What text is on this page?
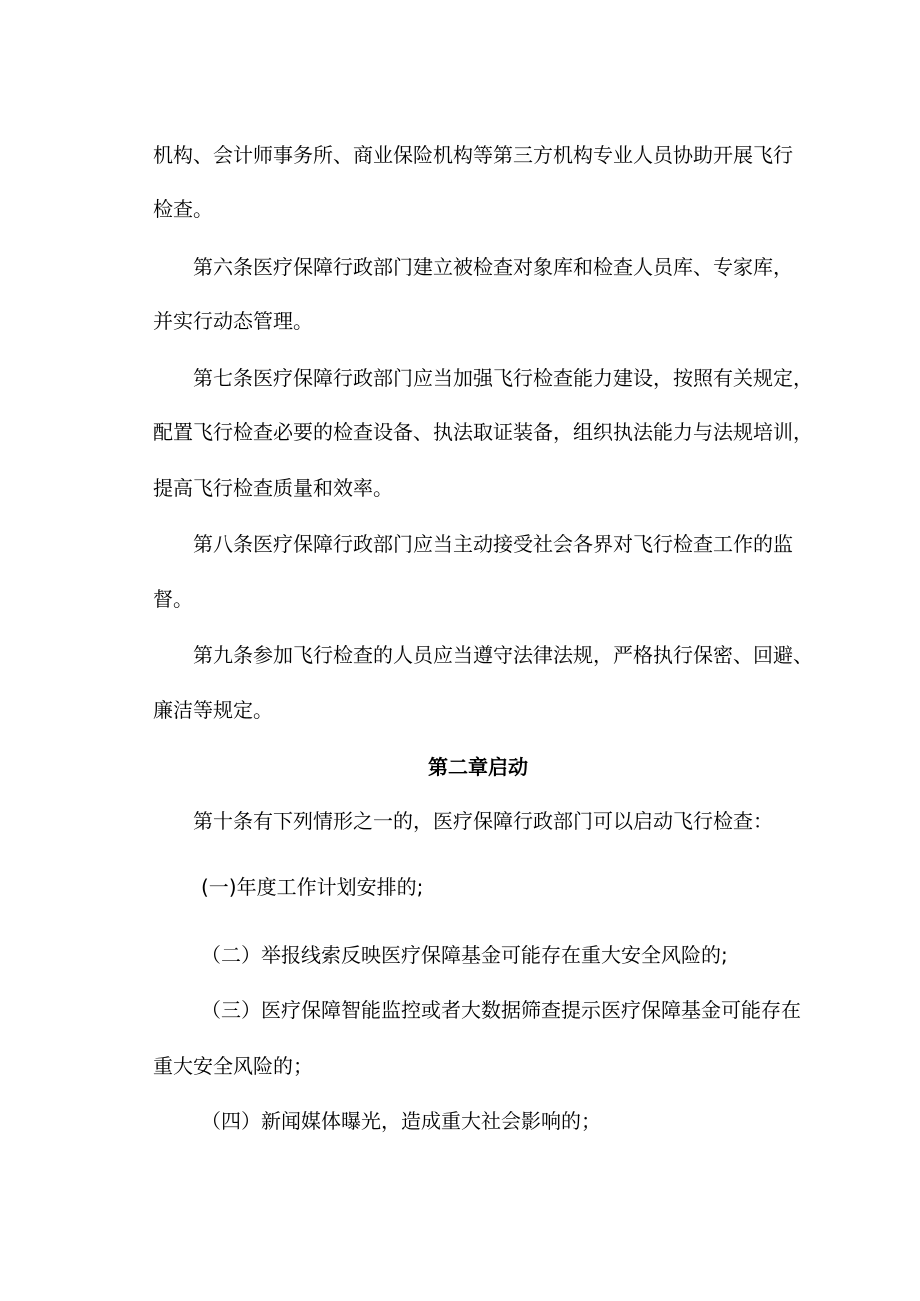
机构、会计师事务所、商业保险机构等第三方机构专业人员协助开展飞行
检查。
第六条医疗保障行政部门建立被检查对象库和检查人员库、专家库，
并实行动态管理。
第七条医疗保障行政部门应当加强飞行检查能力建设，按照有关规定，
配置飞行检查必要的检查设备、执法取证装备，组织执法能力与法规培训，
提高飞行检查质量和效率。
第八条医疗保障行政部门应当主动接受社会各界对飞行检查工作的监
督。
第九条参加飞行检查的人员应当遵守法律法规，严格执行保密、回避、
廉洁等规定。
第二章启动
第十条有下列情形之一的，医疗保障行政部门可以启动飞行检查：
(一)年度工作计划安排的;
（二）举报线索反映医疗保障基金可能存在重大安全风险的;
（三）医疗保障智能监控或者大数据筛查提示医疗保障基金可能存在
重大安全风险的；
（四）新闻媒体曝光，造成重大社会影响的；
